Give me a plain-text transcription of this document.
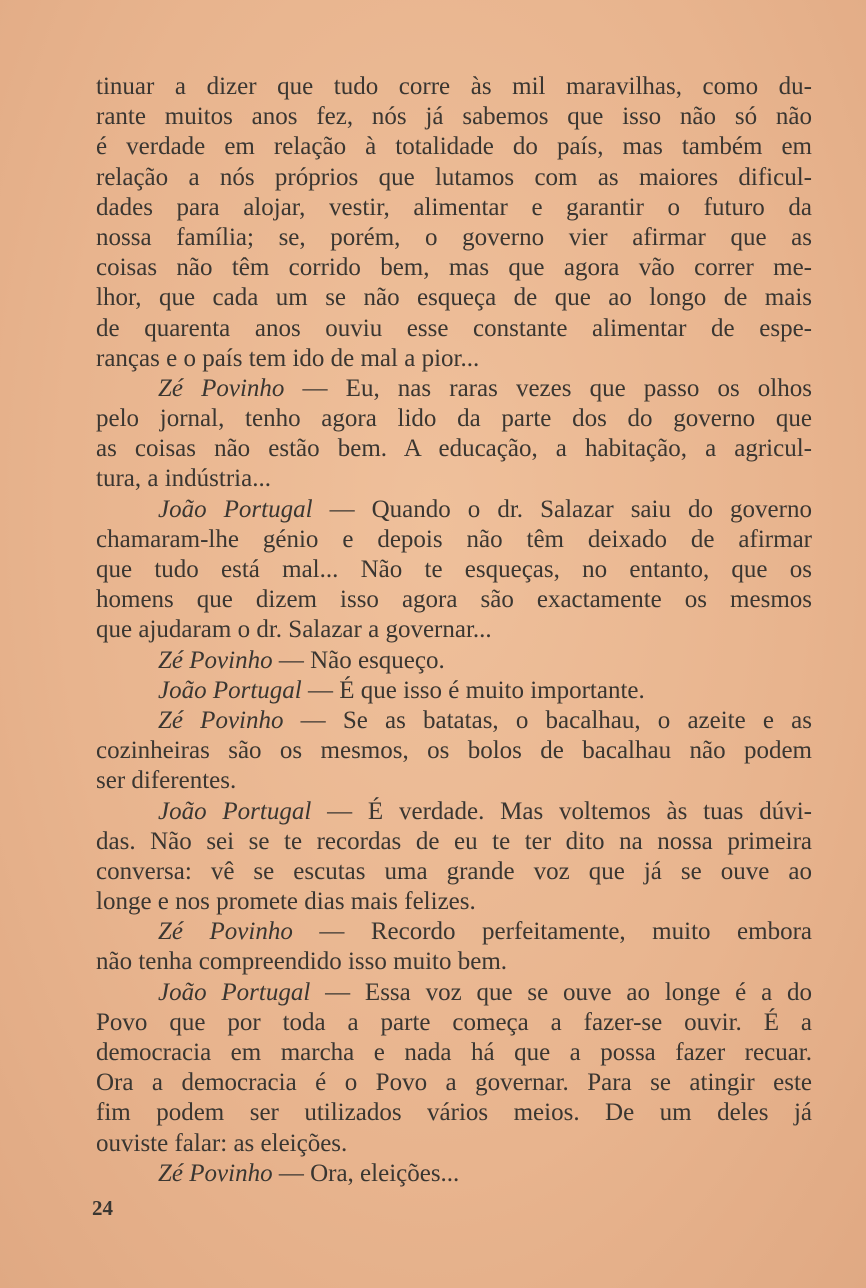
tinuar a dizer que tudo corre às mil maravilhas, como du-
rante muitos anos fez, nós já sabemos que isso não só não
é verdade em relação à totalidade do país, mas também em
relação a nós próprios que lutamos com as maiores dificul-
dades para alojar, vestir, alimentar e garantir o futuro da
nossa família; se, porém, o governo vier afirmar que as
coisas não têm corrido bem, mas que agora vão correr me-
lhor, que cada um se não esqueça de que ao longo de mais
de quarenta anos ouviu esse constante alimentar de espe-
ranças e o país tem ido de mal a pior...
Zé Povinho — Eu, nas raras vezes que passo os olhos
pelo jornal, tenho agora lido da parte dos do governo que
as coisas não estão bem. A educação, a habitação, a agricul-
tura, a indústria...
João Portugal — Quando o dr. Salazar saiu do governo
chamaram-lhe génio e depois não têm deixado de afirmar
que tudo está mal... Não te esqueças, no entanto, que os
homens que dizem isso agora são exactamente os mesmos
que ajudaram o dr. Salazar a governar...
Zé Povinho — Não esqueço.
João Portugal — É que isso é muito importante.
Zé Povinho — Se as batatas, o bacalhau, o azeite e as
cozinheiras são os mesmos, os bolos de bacalhau não podem
ser diferentes.
João Portugal — É verdade. Mas voltemos às tuas dúvi-
das. Não sei se te recordas de eu te ter dito na nossa primeira
conversa: vê se escutas uma grande voz que já se ouve ao
longe e nos promete dias mais felizes.
Zé Povinho — Recordo perfeitamente, muito embora
não tenha compreendido isso muito bem.
João Portugal — Essa voz que se ouve ao longe é a do
Povo que por toda a parte começa a fazer-se ouvir. É a
democracia em marcha e nada há que a possa fazer recuar.
Ora a democracia é o Povo a governar. Para se atingir este
fim podem ser utilizados vários meios. De um deles já
ouviste falar: as eleições.
Zé Povinho — Ora, eleições...
24
